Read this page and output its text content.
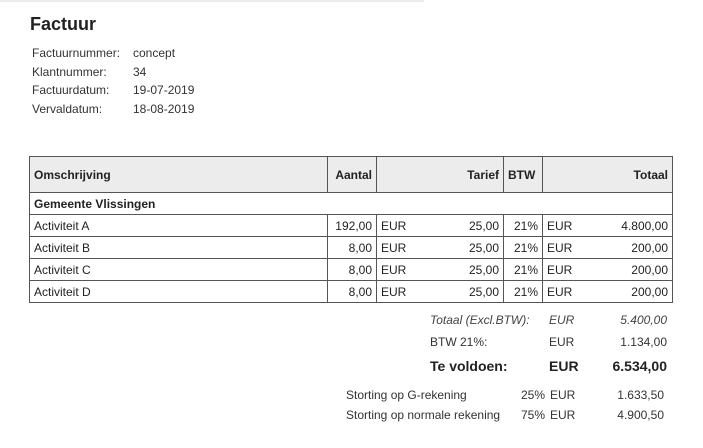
Factuur
Factuurnummer: concept
Klantnummer: 34
Factuurdatum: 19-07-2019
Vervaldatum:	18-08-2019
Omschrijving	Aantal		Tarief	BTW		Totaal
Gemeente Vlissingen						
Activiteit A	192,00	EUR	25,00	21%	EUR	4.800,00
Activiteit B	8,00	EUR	25,00	21%	EUR	200,00
Activiteit C	8,00	EUR	25,00	21%	EUR	200,00
Activiteit D	8,00	EUR	25,00	21%	EUR	200,00
Totaal (Excl.BTW): EUR	5.400,00
BTW 21%:	EUR	1.134,00
Te voldoen:	EUR 6.534,00
Storting op G-rekening	25% EUR	1.633,50
Storting op normale rekening 75% EUR	4.900,50
